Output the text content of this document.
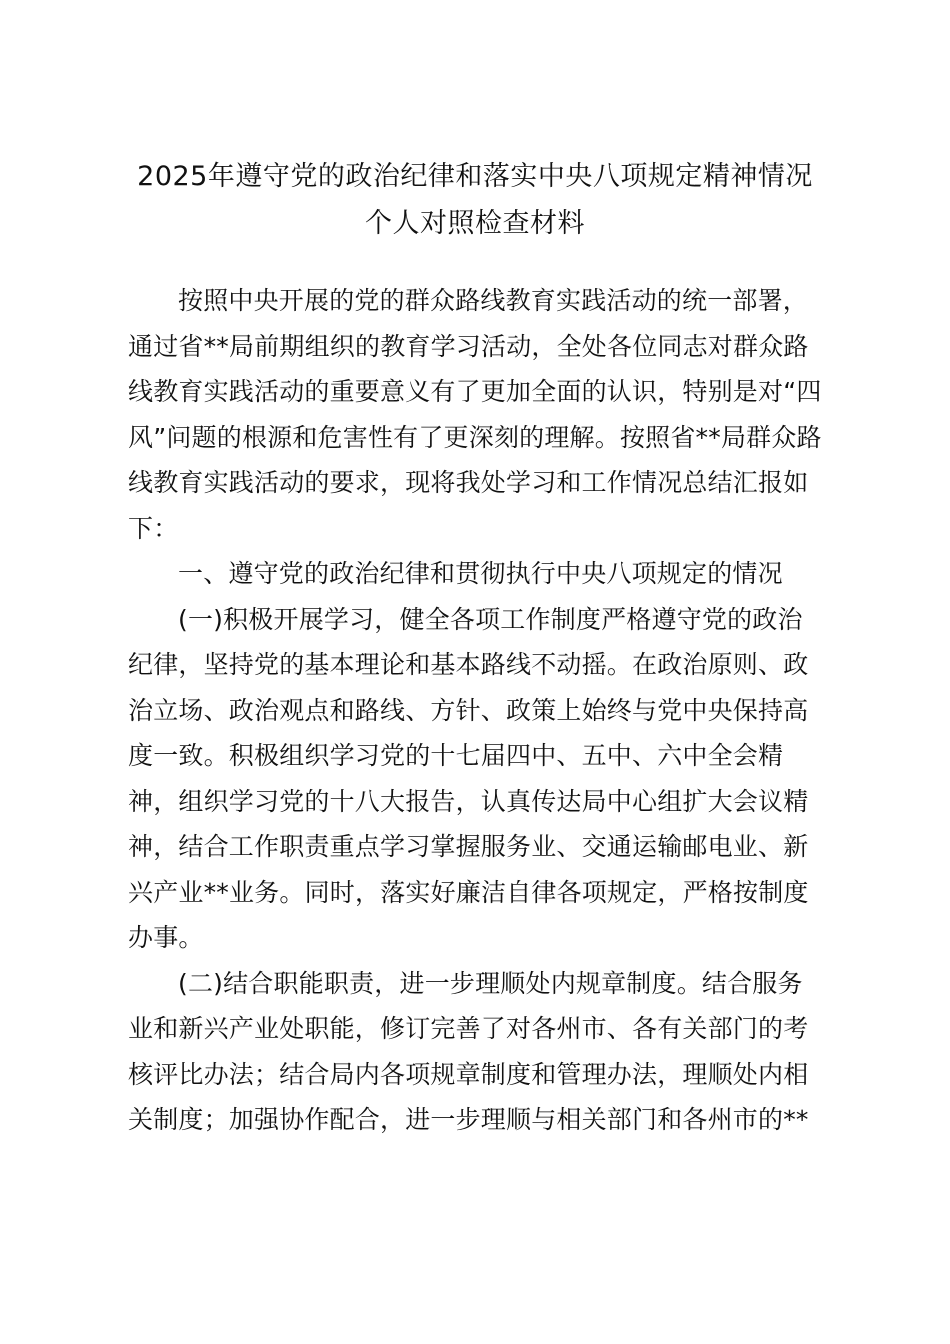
2025年遵守党的政治纪律和落实中央八项规定精神情况
个人对照检查材料
按照中央开展的党的群众路线教育实践活动的统一部署，
通过省**局前期组织的教育学习活动，全处各位同志对群众路
线教育实践活动的重要意义有了更加全面的认识，特别是对“四
风”问题的根源和危害性有了更深刻的理解。按照省**局群众路
线教育实践活动的要求，现将我处学习和工作情况总结汇报如
下：
一、遵守党的政治纪律和贯彻执行中央八项规定的情况
(一)积极开展学习，健全各项工作制度严格遵守党的政治
纪律，坚持党的基本理论和基本路线不动摇。在政治原则、政
治立场、政治观点和路线、方针、政策上始终与党中央保持高
度一致。积极组织学习党的十七届四中、五中、六中全会精
神，组织学习党的十八大报告，认真传达局中心组扩大会议精
神，结合工作职责重点学习掌握服务业、交通运输邮电业、新
兴产业**业务。同时，落实好廉洁自律各项规定，严格按制度
办事。
(二)结合职能职责，进一步理顺处内规章制度。结合服务
业和新兴产业处职能，修订完善了对各州市、各有关部门的考
核评比办法；结合局内各项规章制度和管理办法，理顺处内相
关制度；加强协作配合，进一步理顺与相关部门和各州市的**
